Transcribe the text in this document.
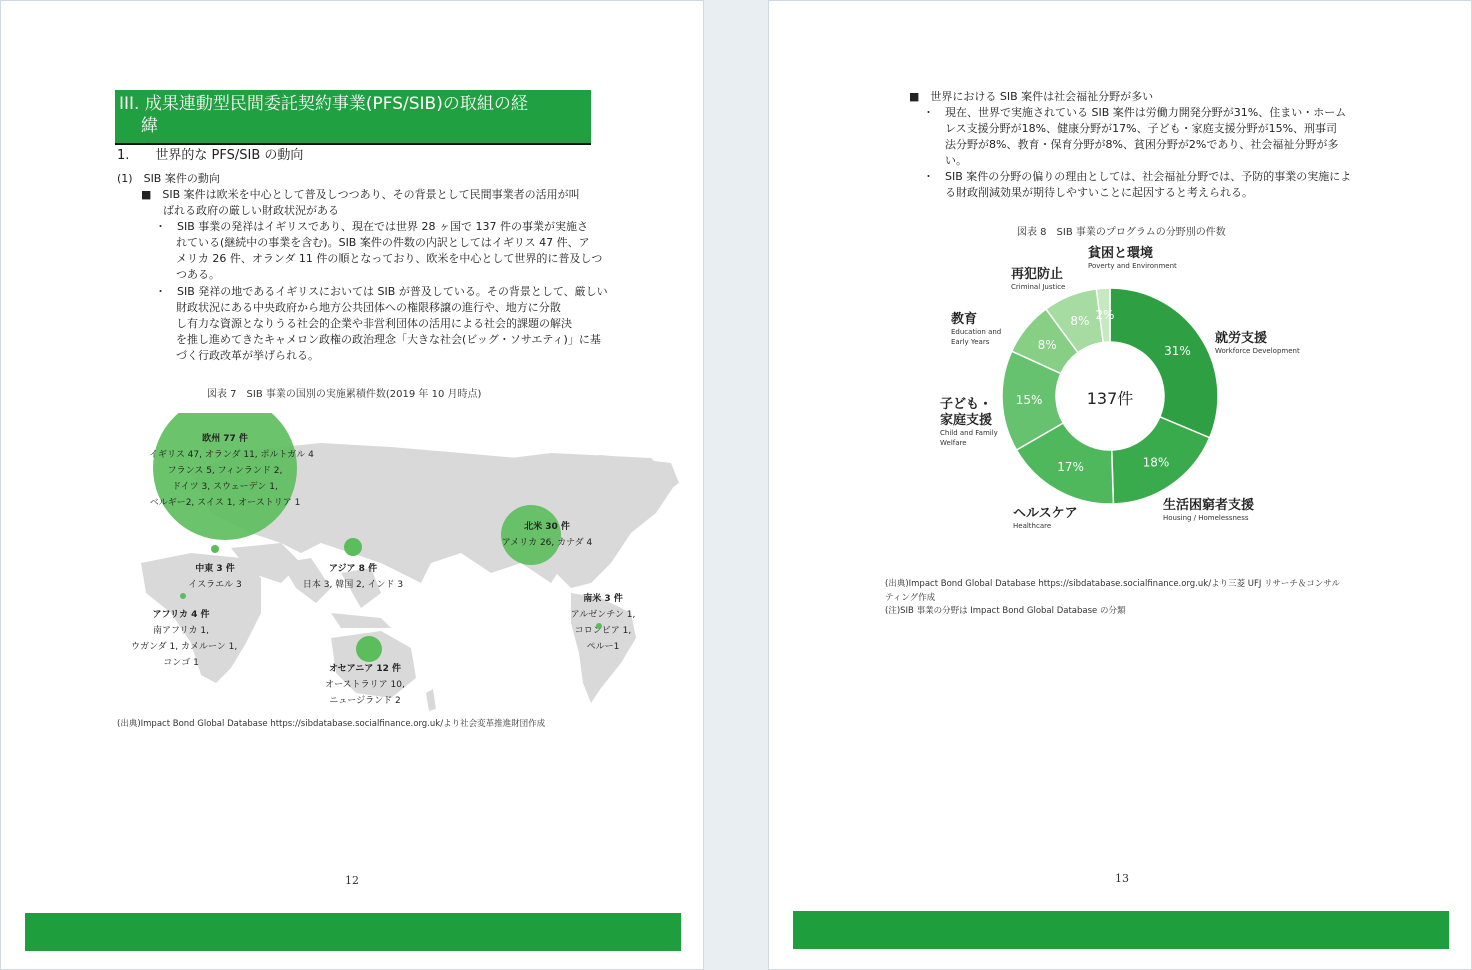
III. 成果連動型民間委託契約事業(PFS/SIB)の取組の経
緯
1.　　世界的な PFS/SIB の動向
(1)　SIB 案件の動向
■　SIB 案件は欧米を中心として普及しつつあり、その背景として民間事業者の活用が叫
ばれる政府の厳しい財政状況がある
・　SIB 事業の発祥はイギリスであり、現在では世界 28 ヶ国で 137 件の事業が実施さ
れている(継続中の事業を含む)。SIB 案件の件数の内訳としてはイギリス 47 件、ア
メリカ 26 件、オランダ 11 件の順となっており、欧米を中心として世界的に普及しつ
つある。
・　SIB 発祥の地であるイギリスにおいては SIB が普及している。その背景として、厳しい
財政状況にある中央政府から地方公共団体への権限移譲の進行や、地方に分散
し有力な資源となりうる社会的企業や非営利団体の活用による社会的課題の解決
を推し進めてきたキャメロン政権の政治理念「大きな社会(ビッグ・ソサエティ)」に基
づく行政改革が挙げられる。
図表 7　SIB 事業の国別の実施累積件数(2019 年 10 月時点)
欧州 77 件
イギリス 47, オランダ 11, ポルトガル 4
フランス 5, フィンランド 2,
ドイツ 3, スウェーデン 1,
ベルギー2, スイス 1, オーストリア 1
北米 30 件
アメリカ 26, カナダ 4
アジア 8 件
日本 3, 韓国 2, インド 3
中東 3 件
イスラエル 3
アフリカ 4 件
南アフリカ 1,
ウガンダ 1, カメルーン 1,
コンゴ 1
南米 3 件
アルゼンチン 1,
コロンビア 1,
ペルー1
オセアニア 12 件
オーストラリア 10,
ニュージランド 2
(出典)Impact Bond Global Database https://sibdatabase.socialfinance.org.uk/より社会変革推進財団作成
12
■　世界における SIB 案件は社会福祉分野が多い
・　現在、世界で実施されている SIB 案件は労働力開発分野が31%、住まい・ホーム
レス支援分野が18%、健康分野が17%、子ども・家庭支援分野が15%、刑事司
法分野が8%、教育・保育分野が8%、貧困分野が2%であり、社会福祉分野が多
い。
・　SIB 案件の分野の偏りの理由としては、社会福祉分野では、予防的事業の実施によ
る財政削減効果が期待しやすいことに起因すると考えられる。
図表 8　SIB 事業のプログラムの分野別の件数
31%
18%
17%
15%
8%
8% 2%
137件
就労支援
Workforce Development
生活困窮者支援
Housing / Homelessness
ヘルスケア
Healthcare
子ども・家庭支援
Child and Family Welfare
教育
Education and Early Years
再犯防止
Criminal Justice
貧困と環境
Poverty and Environment
(出典)Impact Bond Global Database https://sibdatabase.socialfinance.org.uk/より三菱 UFJ リサーチ＆コンサル
ティング作成
(注)SIB 事業の分野は Impact Bond Global Database の分類
13
